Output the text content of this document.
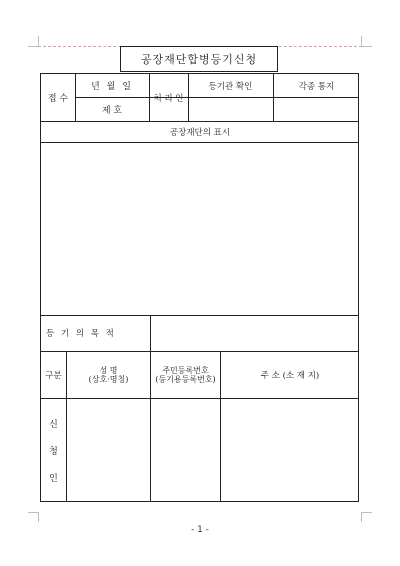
공장재단합병등기신청
접 수
년 월 일
제 호
처 리 인
등기관 확인	각종 통지
공장재단의 표시
등 기 의 목 적
구분
성 명
(상호·명칭)
주민등록번호
(등기용등록번호)	주 소 (소 재 지)
신
청
인
- 1 -
